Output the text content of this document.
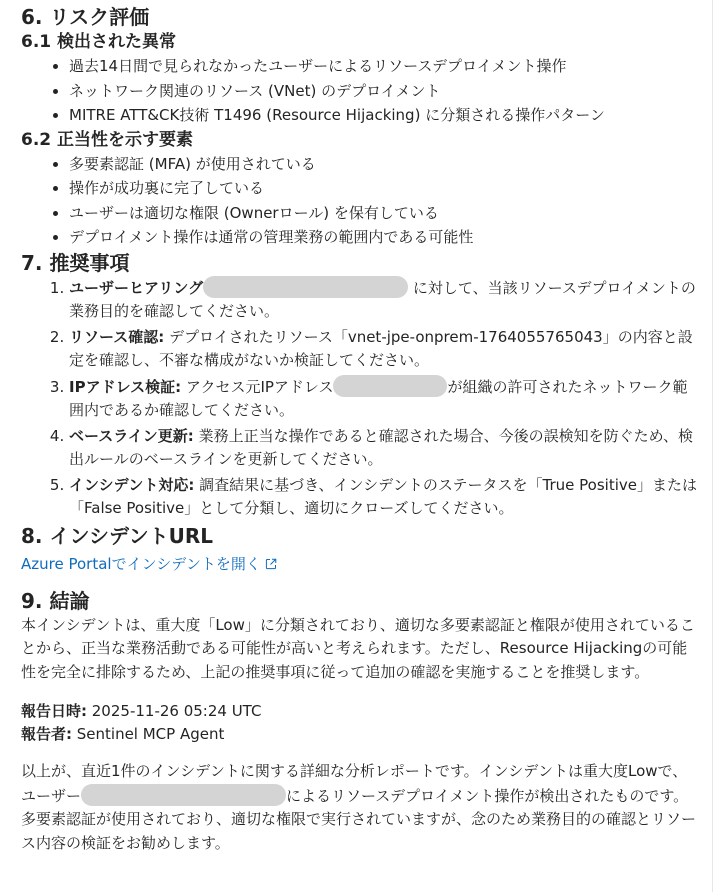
6. リスク評価
6.1 検出された異常
• 過去14日間で見られなかったユーザーによるリソースデプロイメント操作
• ネットワーク関連のリソース (VNet) のデプロイメント
• MITRE ATT&CK技術 T1496 (Resource Hijacking) に分類される操作パターン
6.2 正当性を示す要素
• 多要素認証 (MFA) が使用されている
• 操作が成功裏に完了している
• ユーザーは適切な権限 (Ownerロール) を保有している
• デプロイメント操作は通常の管理業務の範囲内である可能性
7. 推奨事項
1. ユーザーヒアリング	に対して、当該リソースデプロイメントの業務目的を確認してください。
2. リソース確認: デプロイされたリソース「vnet-jpe-onprem-1764055765043」の内容と設定を確認し、不審な構成がないか検証してください。
3. IPアドレス検証: アクセス元IPアドレス	が組織の許可されたネットワーク範囲内であるか確認してください。
4. ベースライン更新: 業務上正当な操作であると確認された場合、今後の誤検知を防ぐため、検出ルールのベースラインを更新してください。
5. インシデント対応: 調査結果に基づき、インシデントのステータスを「True Positive」または「False Positive」として分類し、適切にクローズしてください。
8. インシデントURL
Azure Portalでインシデントを開く
9. 結論

本インシデントは、重大度「Low」に分類されており、適切な多要素認証と権限が使用されていることから、正当な業務活動である可能性が高いと考えられます。ただし、Resource Hijackingの可能性を完全に排除するため、上記の推奨事項に従って追加の確認を実施することを推奨します。

報告日時: 2025-11-26 05:24 UTC
報告者: Sentinel MCP Agent

以上が、直近1件のインシデントに関する詳細な分析レポートです。インシデントは重大度Lowで、ユーザー	によるリソースデプロイメント操作が検出されたものです。多要素認証が使用されており、適切な権限で実行されていますが、念のため業務目的の確認とリソース内容の検証をお勧めします。
